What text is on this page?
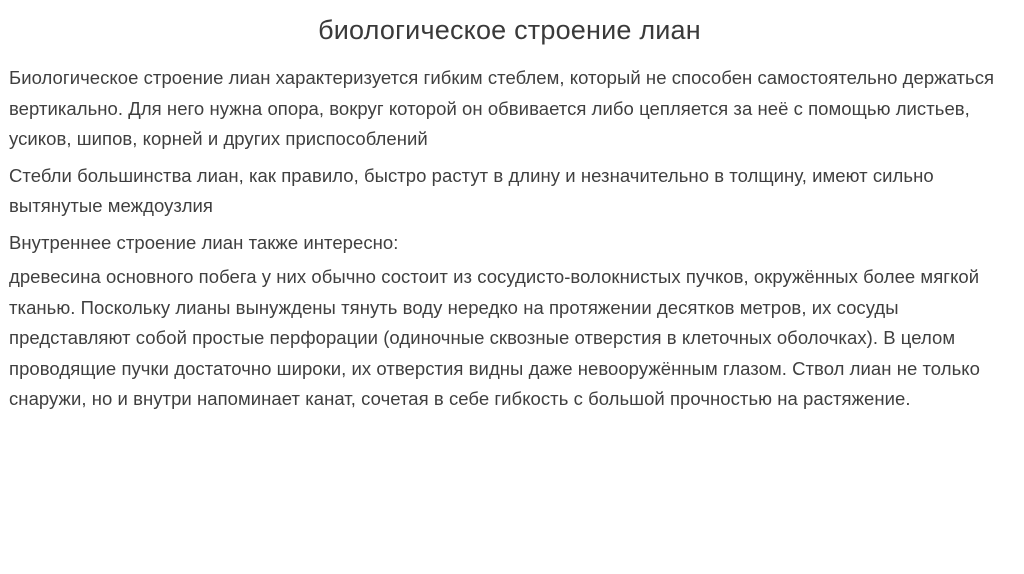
биологическое строение лиан

Биологическое строение лиан характеризуется гибким стеблем, который не способен самостоятельно держаться вертикально. Для него нужна опора, вокруг которой он обвивается либо цепляется за неё с помощью листьев, усиков, шипов, корней и других приспособлений

Стебли большинства лиан, как правило, быстро растут в длину и незначительно в толщину, имеют сильно вытянутые междоузлия

Внутреннее строение лиан также интересно:

древесина основного побега у них обычно состоит из сосудисто-волокнистых пучков, окружённых более мягкой тканью. Поскольку лианы вынуждены тянуть воду нередко на протяжении десятков метров, их сосуды представляют собой простые перфорации (одиночные сквозные отверстия в клеточных оболочках). В целом проводящие пучки достаточно широки, их отверстия видны даже невооружённым глазом. Ствол лиан не только снаружи, но и внутри напоминает канат, сочетая в себе гибкость с большой прочностью на растяжение.
